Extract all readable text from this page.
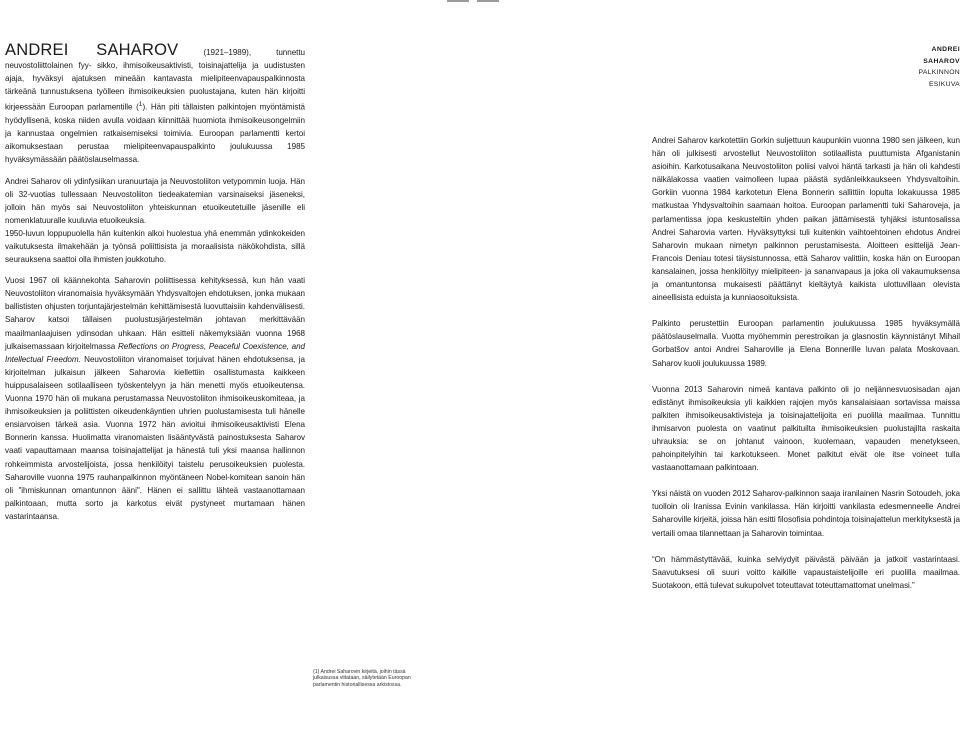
ANDREI
SAHAROV
PALKINNON
ESIKUVA

ANDREI SAHAROV (1921–1989), tunnettu neuvostoliittolainen fyy- sikko, ihmisoikeusaktivisti, toisinajattelija ja uudistusten ajaja, hyväksyi ajatuksen mineään kantavasta mielipiteenvapauspalkinnosta tärkeänä tunnustuksena työlleen ihmisoikeuksien puolustajana, kuten hän kirjoitti kirjeessään Euroopan parlamentille ($^1$). Hän piti tällaisten palkintojen myöntämistä hyödyllisenä, koska niiden avulla voidaan kiinnittää huomiota ihmisoikeusongelmiin ja kannustaa ongelmien ratkaisemiseksi toimivia. Euroopan parlamentti kertoi aikomuksestaan perustaa mielipiteenvapauspalkinto joulukuussa 1985 hyväksymässään päätöslauselmassa.

Andrei Saharov oli ydinfysiikan uranuurtaja ja Neuvostoliiton vetypommin luoja. Hän oli 32-vuotias tullessaan Neuvostoliiton tiedeakatemian varsinaiseksi jäseneksi, jolloin hän myös sai Neuvostoliiton yhteiskunnan etuoikeutetuille jäsenille eli nomenklatuuralle kuuluvia etuoikeuksia.

1950-luvun loppupuolella hän kuitenkin alkoi huolestua yhä enemmän ydinkokeiden vaikutuksesta ilmakehään ja työnsä poliittisista ja moraalisista näkökohdista, sillä seurauksena saattoi olla ihmisten joukkotuho.

Vuosi 1967 oli käännekohta Saharovin poliittisessa kehityksessä, kun hän vaati Neuvostoliiton viranomaisia hyväksymään Yhdysvaltojen ehdotuksen, jonka mukaan ballististen ohjusten torjuntajärjestelmän kehittämisestä luovuttaisiin kahdenvälisesti. Saharov katsoi tällaisen puolustusjärjestelmän johtavan merkittävään maailmanlaajuisen ydinsodan uhkaan. Hän esitteli näkemyksiään vuonna 1968 julkaisemassaan kirjoitelmassa Reflections on Progress, Peaceful Coexistence, and Intellectual Freedom. Neuvostoliiton viranomaiset torjuivat hänen ehdotuksensa, ja kirjoitelman julkaisun jälkeen Saharovia kiellettiin osallistumasta kaikkeen huippusalaiseen sotilaalliseen työskentelyyn ja hän menetti myös etuoikeutensa. Vuonna 1970 hän oli mukana perustamassa Neuvostoliiton ihmisoikeuskomiteaa, ja ihmisoikeuksien ja poliittisten oikeudenkäyntien uhrien puolustamisesta tuli hänelle ensiarvoisen tärkeä asia. Vuonna 1972 hän avioitui ihmisoikeusaktivisti Elena Bonnerin kanssa. Huolimatta viranomaisten lisääntyvästä painostuksesta Saharov vaati vapauttamaan maansa toisinajattelijat ja hänestä tuli yksi maansa hallinnon rohkeimmista arvostelijoista, jossa henkilöityi taistelu perusoikeuksien puolesta. Saharoville vuonna 1975 rauhanpalkinnon myöntäneen Nobel-komitean sanoin hän oli "ihmiskunnan omantunnon ääni". Hänen ei sallittu lähteä vastaanottamaan palkintoaan, mutta sorto ja karkotus eivät pystyneet murtamaan hänen vastarintaansa.

Andrei Saharov karkotettiin Gorkin suljettuun kaupunkiin vuonna 1980 sen jälkeen, kun hän oli julkisesti arvostellut Neuvostoliiton sotilaallista puuttumista Afganistanin asioihin. Karkotusaikana Neuvostoliiton poliisi valvoi häntä tarkasti ja hän oli kahdesti nälkälakossa vaatien vaimolleen lupaa päästä sydänleikkaukseen Yhdysvaltoihin. Gorkiin vuonna 1984 karkotetun Elena Bonnerin sallittiin lopulta lokakuussa 1985 matkustaa Yhdysvaltoihin saamaan hoitoa. Euroopan parlamentti tuki Saharoveja, ja parlamentissa jopa keskusteltiin yhden paikan jättämisestä tyhjäksi istuntosalissa Andrei Saharovia varten. Hyväksyttyksi tuli kuitenkin vaihtoehtoinen ehdotus Andrei Saharovin mukaan nimetyn palkinnon perustamisesta. Aloitteen esittelijä Jean-Francois Deniau totesi täysistunnossa, että Saharov valittiin, koska hän on Euroopan kansalainen, jossa henkilöityy mielipiteen- ja sananvapaus ja joka oli vakaumuksensa ja omantuntonsa mukaisesti päättänyt kieltäytyä kaikista ulottuvillaan olevista aineellisista eduista ja kunniaosoituksista.

Palkinto perustettiin Euroopan parlamentin joulukuussa 1985 hyväksymällä päätöslauselmalla. Vuotta myöhemmin perestroikan ja glasnostin käynnistänyt Mihail Gorbatšov antoi Andrei Saharoville ja Elena Bonnerille luvan palata Moskovaan. Saharov kuoli joulukuussa 1989.

Vuonna 2013 Saharovin nimeä kantava palkinto oli jo neljännesvuosisadan ajan edistänyt ihmisoikeuksia yli kaikkien rajojen myös kansalaisiaan sortavissa maissa palkiten ihmisoikeusaktivisteja ja toisinajattelijoita eri puolilla maailmaa. Tunnittu ihmisarvon puolesta on vaatinut palkituilta ihmisoikeuksien puolustajilta raskaita uhrauksia: se on johtanut vainoon, kuolemaan, vapauden menetykseen, pahoinpitelyihin tai karkotukseen. Monet palkitut eivät ole itse voineet tulla vastaanottamaan palkintoaan.

Yksi näistä on vuoden 2012 Saharov-palkinnon saaja iranilainen Nasrin Sotoudeh, joka tuolloin oli Iranissa Evinin vankilassa. Hän kirjoitti vankilasta edesmenneelle Andrei Saharoville kirjeitä, joissa hän esitti filosofisia pohdintoja toisinajattelun merkityksestä ja vertaili omaa tilannettaan ja Saharovin toimintaa.

“On hämmästyttävää, kuinka selviydyit päivästä päivään ja jatkoit vastarintaasi. Saavutuksesi oli suuri voitto kaikille vapaustaistelijoille eri puolilla maailmaa. Suotakoon, että tulevat sukupolvet toteuttavat toteuttamattomat unelmasi.”

(1) Andrei Saharovin kirjeitä, joihin tässä julkaisussa viitataan, säilytetään Euroopan parlamentin historiallisessa arkistossa.
